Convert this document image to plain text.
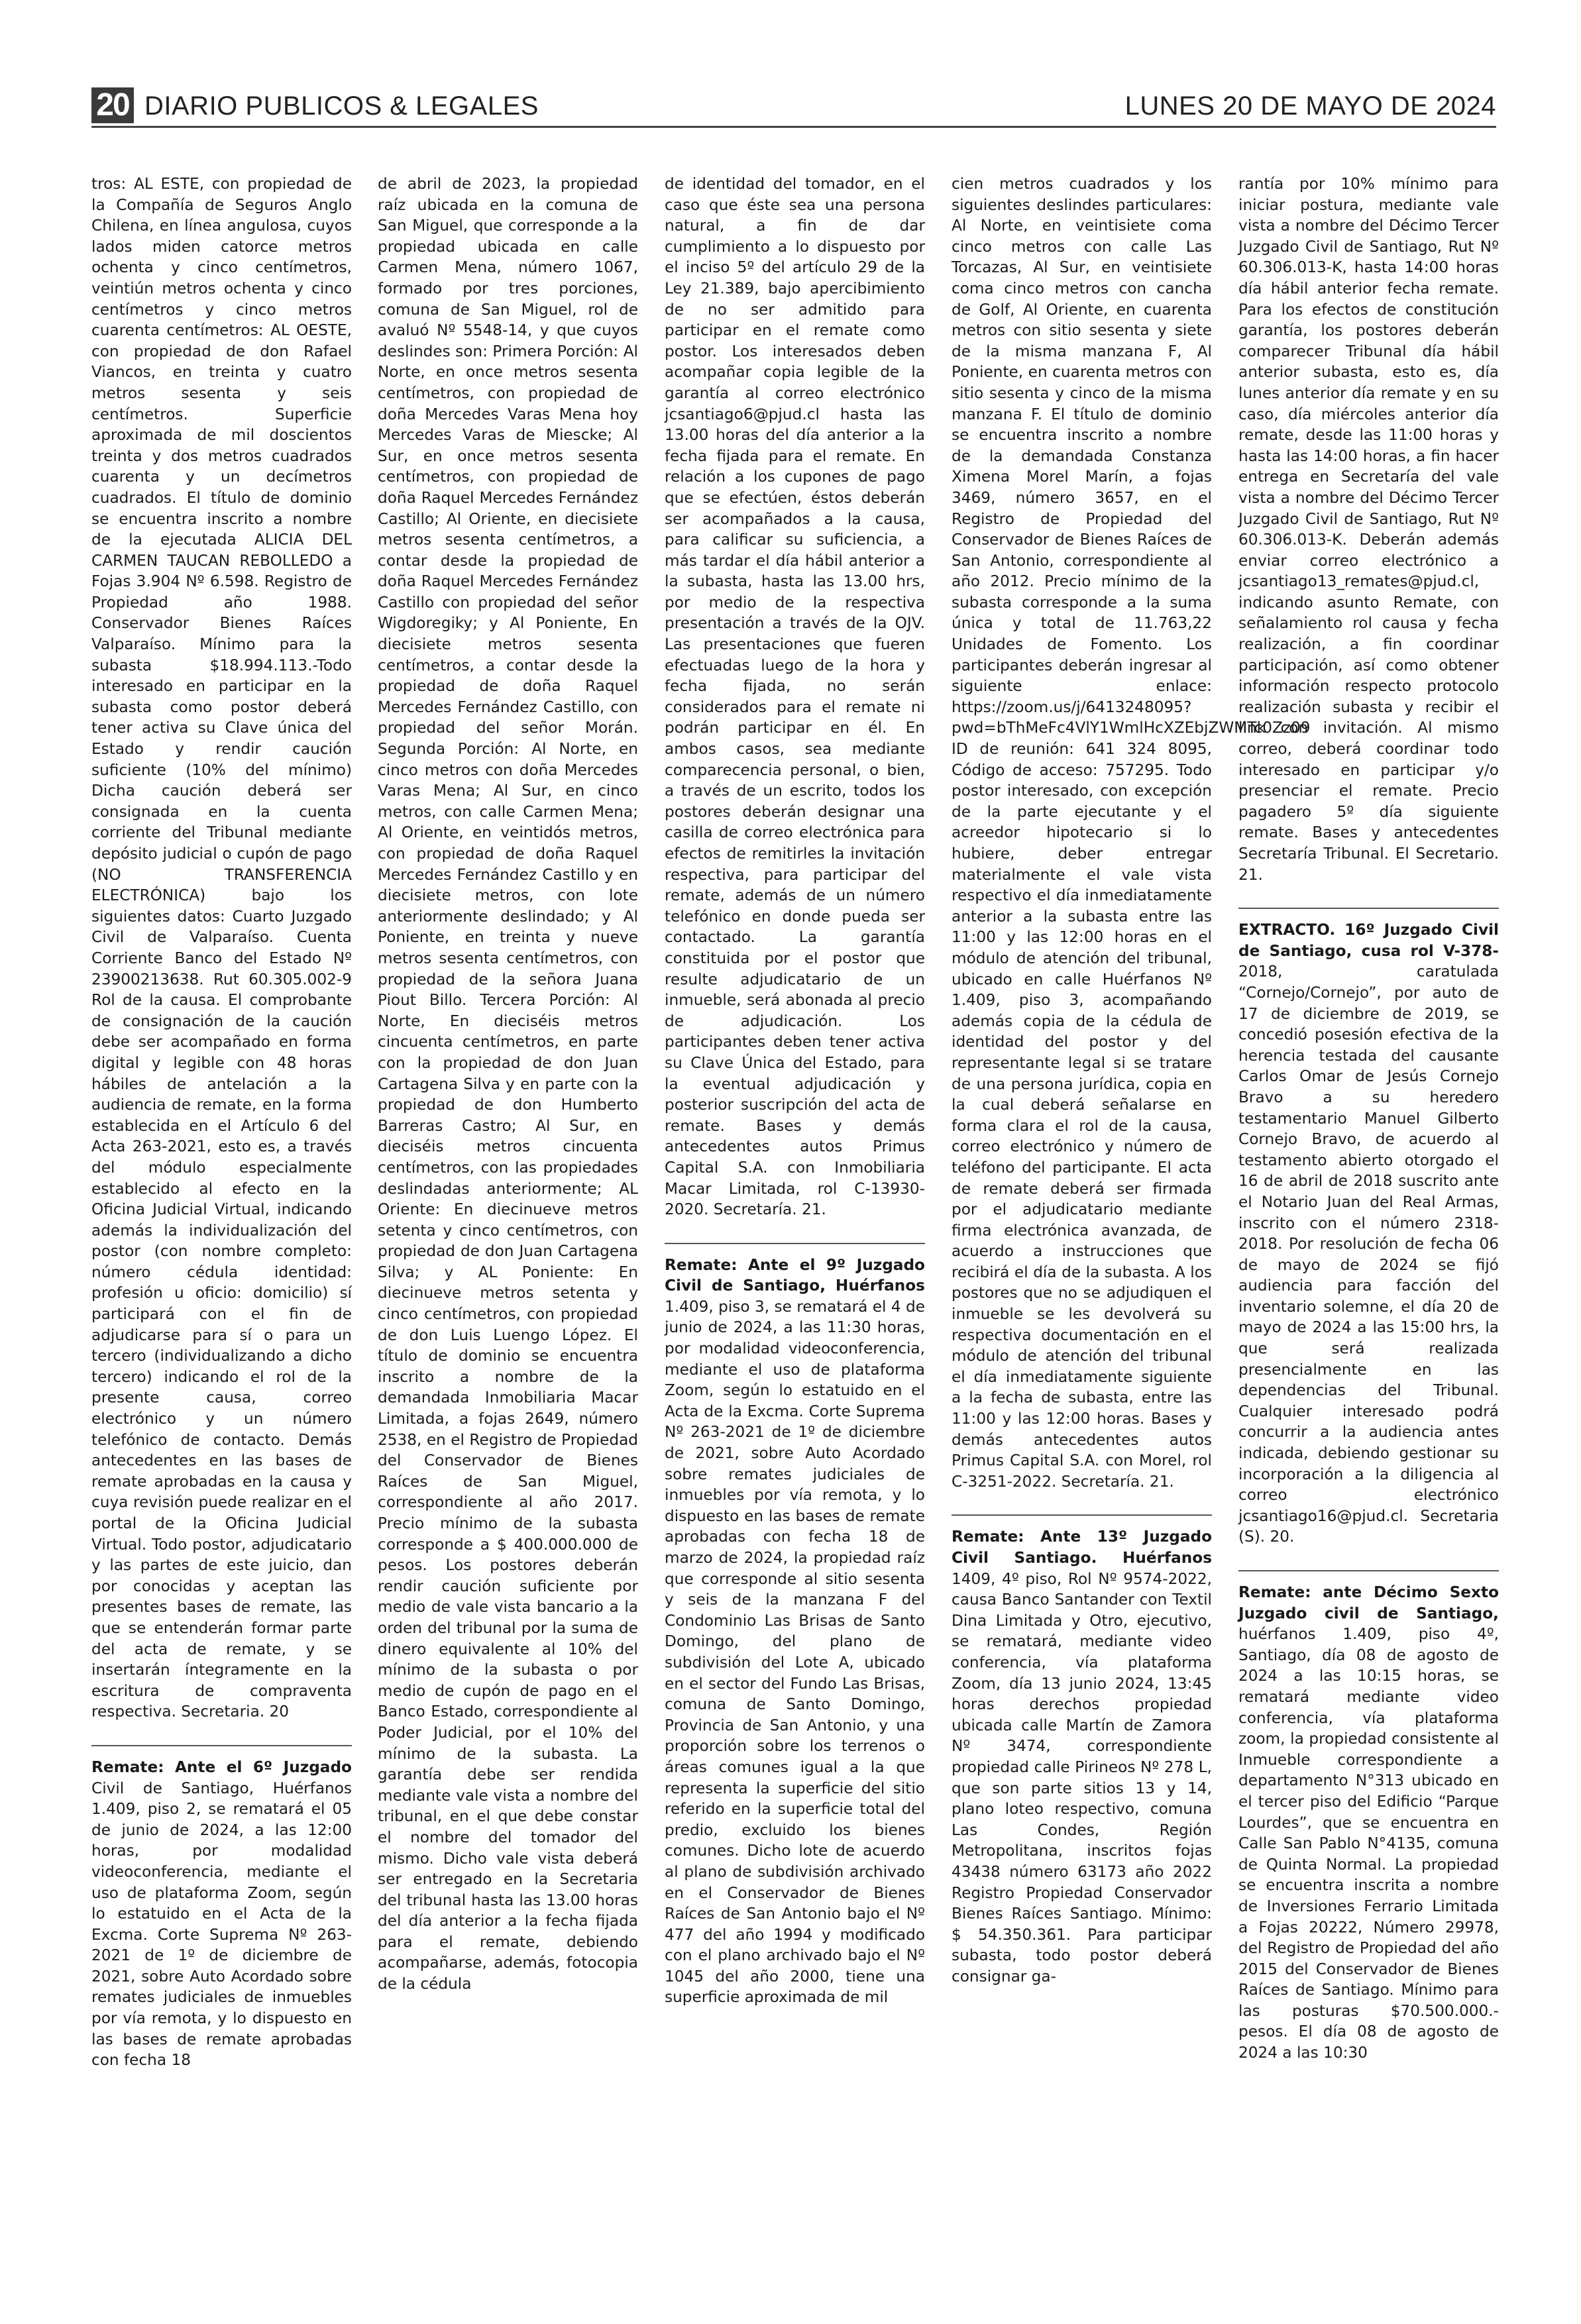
20 DIARIO PUBLICOS & LEGALES	LUNES 20 DE MAYO DE 2024

tros: AL ESTE, con propiedad de la Compañía de Seguros Anglo Chilena, en línea angulosa, cuyos lados miden catorce metros ochenta y cinco centímetros, veintiún metros ochenta y cinco centímetros y cinco metros cuarenta centímetros: AL OESTE, con propiedad de don Rafael Viancos, en treinta y cuatro metros sesenta y seis centímetros. Superficie aproximada de mil doscientos treinta y dos metros cuadrados cuarenta y un decímetros cuadrados. El título de dominio se encuentra inscrito a nombre de la ejecutada ALICIA DEL CARMEN TAUCAN REBOLLEDO a Fojas 3.904 Nº 6.598. Registro de Propiedad año 1988. Conservador Bienes Raíces Valparaíso. Mínimo para la subasta $18.994.113.-Todo interesado en participar en la subasta como postor deberá tener activa su Clave única del Estado y rendir caución suficiente (10% del mínimo) Dicha caución deberá ser consignada en la cuenta corriente del Tribunal mediante depósito judicial o cupón de pago (NO TRANSFERENCIA ELECTRÓNICA) bajo los siguientes datos: Cuarto Juzgado Civil de Valparaíso. Cuenta Corriente Banco del Estado Nº 23900213638. Rut 60.305.002-9 Rol de la causa. El comprobante de consignación de la caución debe ser acompañado en forma digital y legible con 48 horas hábiles de antelación a la audiencia de remate, en la forma establecida en el Artículo 6 del Acta 263-2021, esto es, a través del módulo especialmente establecido al efecto en la Oficina Judicial Virtual, indicando además la individualización del postor (con nombre completo: número cédula identidad: profesión u oficio: domicilio) sí participará con el fin de adjudicarse para sí o para un tercero (individualizando a dicho tercero) indicando el rol de la presente causa, correo electrónico y un número telefónico de contacto. Demás antecedentes en las bases de remate aprobadas en la causa y cuya revisión puede realizar en el portal de la Oficina Judicial Virtual. Todo postor, adjudicatario y las partes de este juicio, dan por conocidas y aceptan las presentes bases de remate, las que se entenderán formar parte del acta de remate, y se insertarán íntegramente en la escritura de compraventa respectiva. Secretaria. 20

Remate: Ante el 6º Juzgado Civil de Santiago, Huérfanos 1.409, piso 2, se rematará el 05 de junio de 2024, a las 12:00 horas, por modalidad videoconferencia, mediante el uso de plataforma Zoom, según lo estatuido en el Acta de la Excma. Corte Suprema Nº 263- 2021 de 1º de diciembre de 2021, sobre Auto Acordado sobre remates judiciales de inmuebles por vía remota, y lo dispuesto en las bases de remate aprobadas con fecha 18

de abril de 2023, la propiedad raíz ubicada en la comuna de San Miguel, que corresponde a la propiedad ubicada en calle Carmen Mena, número 1067, formado por tres porciones, comuna de San Miguel, rol de avaluó Nº 5548-14, y que cuyos deslindes son: Primera Porción: Al Norte, en once metros sesenta centímetros, con propiedad de doña Mercedes Varas Mena hoy Mercedes Varas de Miescke; Al Sur, en once metros sesenta centímetros, con propiedad de doña Raquel Mercedes Fernández Castillo; Al Oriente, en diecisiete metros sesenta centímetros, a contar desde la propiedad de doña Raquel Mercedes Fernández Castillo con propiedad del señor Wigdoregiky; y Al Poniente, En diecisiete metros sesenta centímetros, a contar desde la propiedad de doña Raquel Mercedes Fernández Castillo, con propiedad del señor Morán. Segunda Porción: Al Norte, en cinco metros con doña Mercedes Varas Mena; Al Sur, en cinco metros, con calle Carmen Mena; Al Oriente, en veintidós metros, con propiedad de doña Raquel Mercedes Fernández Castillo y en diecisiete metros, con lote anteriormente deslindado; y Al Poniente, en treinta y nueve metros sesenta centímetros, con propiedad de la señora Juana Piout Billo. Tercera Porción: Al Norte, En dieciséis metros cincuenta centímetros, en parte con la propiedad de don Juan Cartagena Silva y en parte con la propiedad de don Humberto Barreras Castro; Al Sur, en dieciséis metros cincuenta centímetros, con las propiedades deslindadas anteriormente; AL Oriente: En diecinueve metros setenta y cinco centímetros, con propiedad de don Juan Cartagena Silva; y AL Poniente: En diecinueve metros setenta y cinco centímetros, con propiedad de don Luis Luengo López. El título de dominio se encuentra inscrito a nombre de la demandada Inmobiliaria Macar Limitada, a fojas 2649, número 2538, en el Registro de Propiedad del Conservador de Bienes Raíces de San Miguel, correspondiente al año 2017. Precio mínimo de la subasta corresponde a $ 400.000.000 de pesos. Los postores deberán rendir caución suficiente por medio de vale vista bancario a la orden del tribunal por la suma de dinero equivalente al 10% del mínimo de la subasta o por medio de cupón de pago en el Banco Estado, correspondiente al Poder Judicial, por el 10% del mínimo de la subasta. La garantía debe ser rendida mediante vale vista a nombre del tribunal, en el que debe constar el nombre del tomador del mismo. Dicho vale vista deberá ser entregado en la Secretaria del tribunal hasta las 13.00 horas del día anterior a la fecha fijada para el remate, debiendo acompañarse, además, fotocopia de la cédula

de identidad del tomador, en el caso que éste sea una persona natural, a fin de dar cumplimiento a lo dispuesto por el inciso 5º del artículo 29 de la Ley 21.389, bajo apercibimiento de no ser admitido para participar en el remate como postor. Los interesados deben acompañar copia legible de la garantía al correo electrónico jcsantiago6@pjud.cl hasta las 13.00 horas del día anterior a la fecha fijada para el remate. En relación a los cupones de pago que se efectúen, éstos deberán ser acompañados a la causa, para calificar su suficiencia, a más tardar el día hábil anterior a la subasta, hasta las 13.00 hrs, por medio de la respectiva presentación a través de la OJV. Las presentaciones que fueren efectuadas luego de la hora y fecha fijada, no serán considerados para el remate ni podrán participar en él. En ambos casos, sea mediante comparecencia personal, o bien, a través de un escrito, todos los postores deberán designar una casilla de correo electrónica para efectos de remitirles la invitación respectiva, para participar del remate, además de un número telefónico en donde pueda ser contactado. La garantía constituida por el postor que resulte adjudicatario de un inmueble, será abonada al precio de adjudicación. Los participantes deben tener activa su Clave Única del Estado, para la eventual adjudicación y posterior suscripción del acta de remate. Bases y demás antecedentes autos Primus Capital S.A. con Inmobiliaria Macar Limitada, rol C-13930-2020. Secretaría. 21.

Remate: Ante el 9º Juzgado Civil de Santiago, Huérfanos 1.409, piso 3, se rematará el 4 de junio de 2024, a las 11:30 horas, por modalidad videoconferencia, mediante el uso de plataforma Zoom, según lo estatuido en el Acta de la Excma. Corte Suprema Nº 263-2021 de 1º de diciembre de 2021, sobre Auto Acordado sobre remates judiciales de inmuebles por vía remota, y lo dispuesto en las bases de remate aprobadas con fecha 18 de marzo de 2024, la propiedad raíz que corresponde al sitio sesenta y seis de la manzana F del Condominio Las Brisas de Santo Domingo, del plano de subdivisión del Lote A, ubicado en el sector del Fundo Las Brisas, comuna de Santo Domingo, Provincia de San Antonio, y una proporción sobre los terrenos o áreas comunes igual a la que representa la superficie del sitio referido en la superficie total del predio, excluido los bienes comunes. Dicho lote de acuerdo al plano de subdivisión archivado en el Conservador de Bienes Raíces de San Antonio bajo el Nº 477 del año 1994 y modificado con el plano archivado bajo el Nº 1045 del año 2000, tiene una superficie aproximada de mil

cien metros cuadrados y los siguientes deslindes particulares: Al Norte, en veintisiete coma cinco metros con calle Las Torcazas, Al Sur, en veintisiete coma cinco metros con cancha de Golf, Al Oriente, en cuarenta metros con sitio sesenta y siete de la misma manzana F, Al Poniente, en cuarenta metros con sitio sesenta y cinco de la misma manzana F. El título de dominio se encuentra inscrito a nombre de la demandada Constanza Ximena Morel Marín, a fojas 3469, número 3657, en el Registro de Propiedad del Conservador de Bienes Raíces de San Antonio, correspondiente al año 2012. Precio mínimo de la subasta corresponde a la suma única y total de 11.763,22 Unidades de Fomento. Los participantes deberán ingresar al siguiente enlace: https://zoom.us/j/6413248095?pwd=bThMeFc4VlY1WmlHcXZEbjZWMTc0Zz09 ID de reunión: 641 324 8095, Código de acceso: 757295. Todo postor interesado, con excepción de la parte ejecutante y el acreedor hipotecario si lo hubiere, deber entregar materialmente el vale vista respectivo el día inmediatamente anterior a la subasta entre las 11:00 y las 12:00 horas en el módulo de atención del tribunal, ubicado en calle Huérfanos Nº 1.409, piso 3, acompañando además copia de la cédula de identidad del postor y del representante legal si se tratare de una persona jurídica, copia en la cual deberá señalarse en forma clara el rol de la causa, correo electrónico y número de teléfono del participante. El acta de remate deberá ser firmada por el adjudicatario mediante firma electrónica avanzada, de acuerdo a instrucciones que recibirá el día de la subasta. A los postores que no se adjudiquen el inmueble se les devolverá su respectiva documentación en el módulo de atención del tribunal el día inmediatamente siguiente a la fecha de subasta, entre las 11:00 y las 12:00 horas. Bases y demás antecedentes autos Primus Capital S.A. con Morel, rol C-3251-2022. Secretaría. 21.

Remate: Ante 13º Juzgado Civil Santiago. Huérfanos 1409, 4º piso, Rol Nº 9574-2022, causa Banco Santander con Textil Dina Limitada y Otro, ejecutivo, se rematará, mediante video conferencia, vía plataforma Zoom, día 13 junio 2024, 13:45 horas derechos propiedad ubicada calle Martín de Zamora Nº 3474, correspondiente propiedad calle Pirineos Nº 278 L, que son parte sitios 13 y 14, plano loteo respectivo, comuna Las Condes, Región Metropolitana, inscritos fojas 43438 número 63173 año 2022 Registro Propiedad Conservador Bienes Raíces Santiago. Mínimo: $ 54.350.361. Para participar subasta, todo postor deberá consignar ga-

rantía por 10% mínimo para iniciar postura, mediante vale vista a nombre del Décimo Tercer Juzgado Civil de Santiago, Rut Nº 60.306.013-K, hasta 14:00 horas día hábil anterior fecha remate. Para los efectos de constitución garantía, los postores deberán comparecer Tribunal día hábil anterior subasta, esto es, día lunes anterior día remate y en su caso, día miércoles anterior día remate, desde las 11:00 horas y hasta las 14:00 horas, a fin hacer entrega en Secretaría del vale vista a nombre del Décimo Tercer Juzgado Civil de Santiago, Rut Nº 60.306.013-K. Deberán además enviar correo electrónico a jcsantiago13_remates@pjud.cl, indicando asunto Remate, con señalamiento rol causa y fecha realización, a fin coordinar participación, así como obtener información respecto protocolo realización subasta y recibir el link con invitación. Al mismo correo, deberá coordinar todo interesado en participar y/o presenciar el remate. Precio pagadero 5º día siguiente remate. Bases y antecedentes Secretaría Tribunal. El Secretario. 21.

EXTRACTO. 16º Juzgado Civil de Santiago, cusa rol V-378-2018, caratulada “Cornejo/Cornejo”, por auto de 17 de diciembre de 2019, se concedió posesión efectiva de la herencia testada del causante Carlos Omar de Jesús Cornejo Bravo a su heredero testamentario Manuel Gilberto Cornejo Bravo, de acuerdo al testamento abierto otorgado el 16 de abril de 2018 suscrito ante el Notario Juan del Real Armas, inscrito con el número 2318-2018. Por resolución de fecha 06 de mayo de 2024 se fijó audiencia para facción del inventario solemne, el día 20 de mayo de 2024 a las 15:00 hrs, la que será realizada presencialmente en las dependencias del Tribunal. Cualquier interesado podrá concurrir a la audiencia antes indicada, debiendo gestionar su incorporación a la diligencia al correo electrónico jcsantiago16@pjud.cl. Secretaria (S). 20.

Remate: ante Décimo Sexto Juzgado civil de Santiago, huérfanos 1.409, piso 4º, Santiago, día 08 de agosto de 2024 a las 10:15 horas, se rematará mediante video conferencia, vía plataforma zoom, la propiedad consistente al Inmueble correspondiente a departamento N°313 ubicado en el tercer piso del Edificio “Parque Lourdes”, que se encuentra en Calle San Pablo N°4135, comuna de Quinta Normal. La propiedad se encuentra inscrita a nombre de Inversiones Ferrario Limitada a Fojas 20222, Número 29978, del Registro de Propiedad del año 2015 del Conservador de Bienes Raíces de Santiago. Mínimo para las posturas $70.500.000.- pesos. El día 08 de agosto de 2024 a las 10:30
